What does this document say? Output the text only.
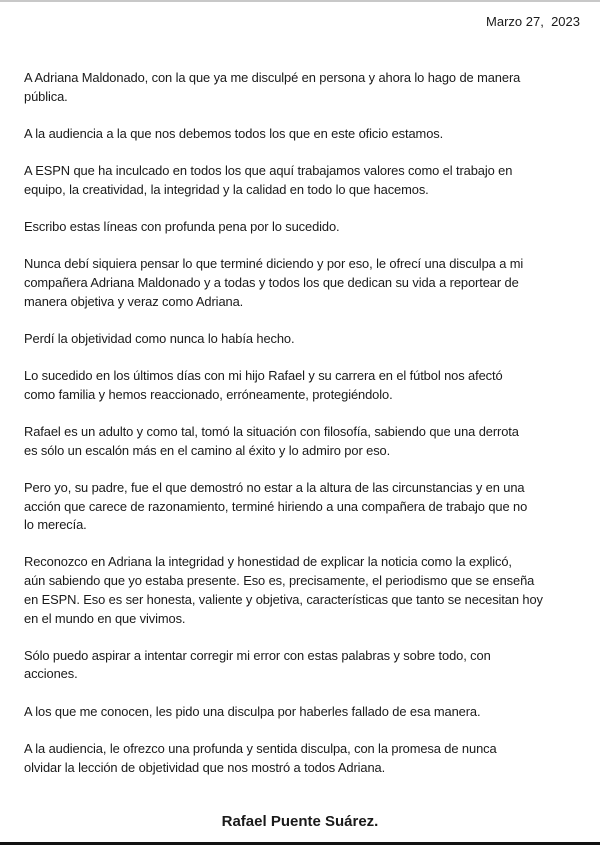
Marzo 27,  2023

A Adriana Maldonado, con la que ya me disculpé en persona y ahora lo hago de manera
pública.

A la audiencia a la que nos debemos todos los que en este oficio estamos.

A ESPN que ha inculcado en todos los que aquí trabajamos valores como el trabajo en
equipo, la creatividad, la integridad y la calidad en todo lo que hacemos.

Escribo estas líneas con profunda pena por lo sucedido.

Nunca debí siquiera pensar lo que terminé diciendo y por eso, le ofrecí una disculpa a mi
compañera Adriana Maldonado y a todas y todos los que dedican su vida a reportear de
manera objetiva y veraz como Adriana.

Perdí la objetividad como nunca lo había hecho.

Lo sucedido en los últimos días con mi hijo Rafael y su carrera en el fútbol nos afectó
como familia y hemos reaccionado, erróneamente, protegiéndolo.

Rafael es un adulto y como tal, tomó la situación con filosofía, sabiendo que una derrota
es sólo un escalón más en el camino al éxito y lo admiro por eso.

Pero yo, su padre, fue el que demostró no estar a la altura de las circunstancias y en una
acción que carece de razonamiento, terminé hiriendo a una compañera de trabajo que no
lo merecía.

Reconozco en Adriana la integridad y honestidad de explicar la noticia como la explicó,
aún sabiendo que yo estaba presente. Eso es, precisamente, el periodismo que se enseña
en ESPN. Eso es ser honesta, valiente y objetiva, características que tanto se necesitan hoy
en el mundo en que vivimos.

Sólo puedo aspirar a intentar corregir mi error con estas palabras y sobre todo, con
acciones.

A los que me conocen, les pido una disculpa por haberles fallado de esa manera.

A la audiencia, le ofrezco una profunda y sentida disculpa, con la promesa de nunca
olvidar la lección de objetividad que nos mostró a todos Adriana.

Rafael Puente Suárez.
